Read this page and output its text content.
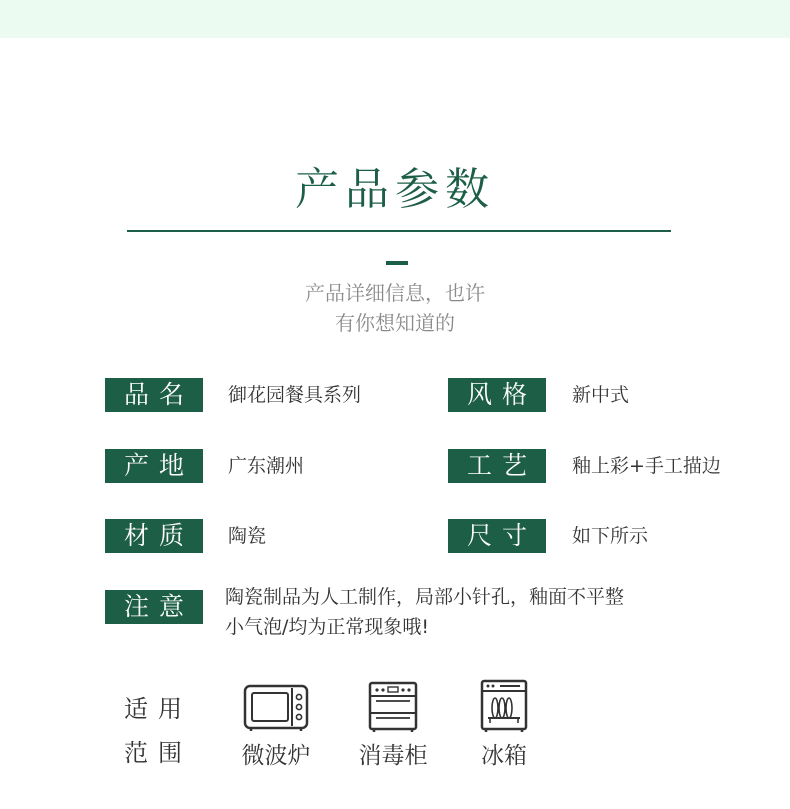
产品参数
产品详细信息，也许
有你想知道的
品名	御花园餐具系列	风格	新中式
产地	广东潮州	工艺	釉上彩+手工描边
材质	陶瓷	尺寸	如下所示
注意	陶瓷制品为人工制作，局部小针孔，釉面不平整
小气泡/均为正常现象哦!
适用
范围	微波炉	消毒柜	冰箱
